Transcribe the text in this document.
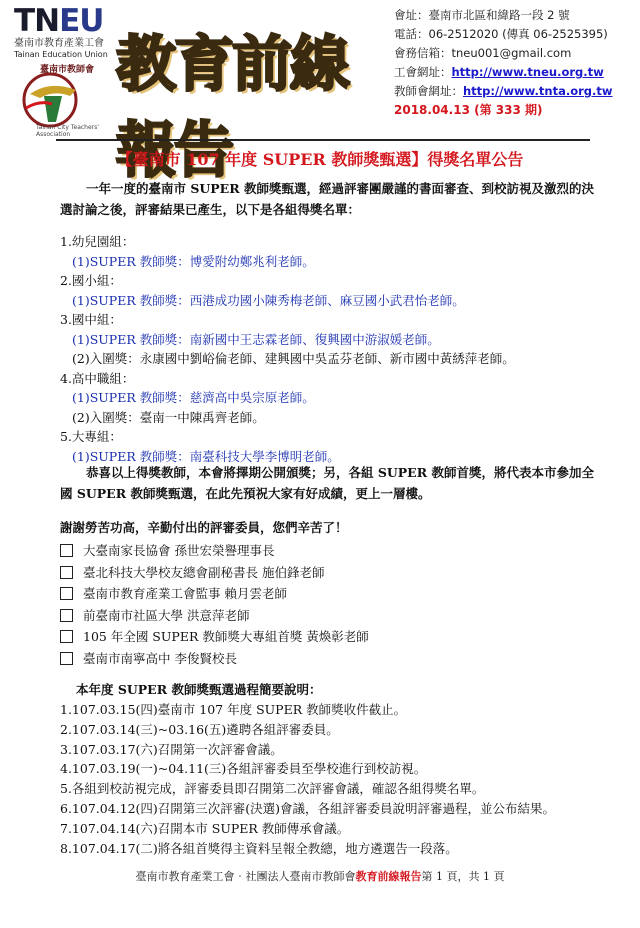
TNEU
臺南市教育產業工會
Tainan Education Union
臺南市教師會
Tainan City Teachers' Association
教育前線報告
會址：臺南市北區和緯路一段 2 號
電話：06-2512020 (傳真 06-2525395)
會務信箱：tneu001@gmail.com
工會網址：http://www.tneu.org.tw
教師會網址：http://www.tnta.org.tw
2018.04.13 (第 333 期)
【臺南市 107 年度 SUPER 教師獎甄選】得獎名單公告

一年一度的臺南市 SUPER 教師獎甄選，經過評審團嚴謹的書面審查、到校訪視及激烈的決選討論之後，評審結果已產生，以下是各組得獎名單：

1.幼兒園組：
(1)SUPER 教師獎：博愛附幼鄭兆利老師。
2.國小組：
(1)SUPER 教師獎：西港成功國小陳秀梅老師、麻豆國小武君怡老師。
3.國中組：
(1)SUPER 教師獎：南新國中王志霖老師、復興國中游淑媛老師。
(2)入圍獎：永康國中劉峪倫老師、建興國中吳孟芬老師、新市國中黃綉萍老師。
4.高中職組：
(1)SUPER 教師獎：慈濟高中吳宗原老師。
(2)入圍獎：臺南一中陳禹齊老師。
5.大專組：
(1)SUPER 教師獎：南臺科技大學李博明老師。

恭喜以上得獎教師，本會將擇期公開頒獎；另，各組 SUPER 教師首獎，將代表本市參加全國 SUPER 教師獎甄選，在此先預祝大家有好成績，更上一層樓。

謝謝勞苦功高，辛勤付出的評審委員，您們辛苦了！
大臺南家長協會 孫世宏榮譽理事長
臺北科技大學校友總會副秘書長 施伯鋒老師
臺南市教育產業工會監事 賴月雲老師
前臺南市社區大學 洪意萍老師
105 年全國 SUPER 教師獎大專組首獎 黃煥彰老師
臺南市南寧高中 李俊賢校長
本年度 SUPER 教師獎甄選過程簡要說明：
1.107.03.15(四)臺南市 107 年度 SUPER 教師獎收件截止。
2.107.03.14(三)~03.16(五)遴聘各組評審委員。
3.107.03.17(六)召開第一次評審會議。
4.107.03.19(一)~04.11(三)各組評審委員至學校進行到校訪視。
5.各組到校訪視完成，評審委員即召開第二次評審會議，確認各組得獎名單。
6.107.04.12(四)召開第三次評審(決選)會議，各組評審委員說明評審過程，並公布結果。
7.107.04.14(六)召開本市 SUPER 教師傳承會議。
8.107.04.17(二)將各組首獎得主資料呈報全教總，地方遴選告一段落。
臺南市教育產業工會‧社團法人臺南市教師會教育前線報告第 1 頁，共 1 頁
